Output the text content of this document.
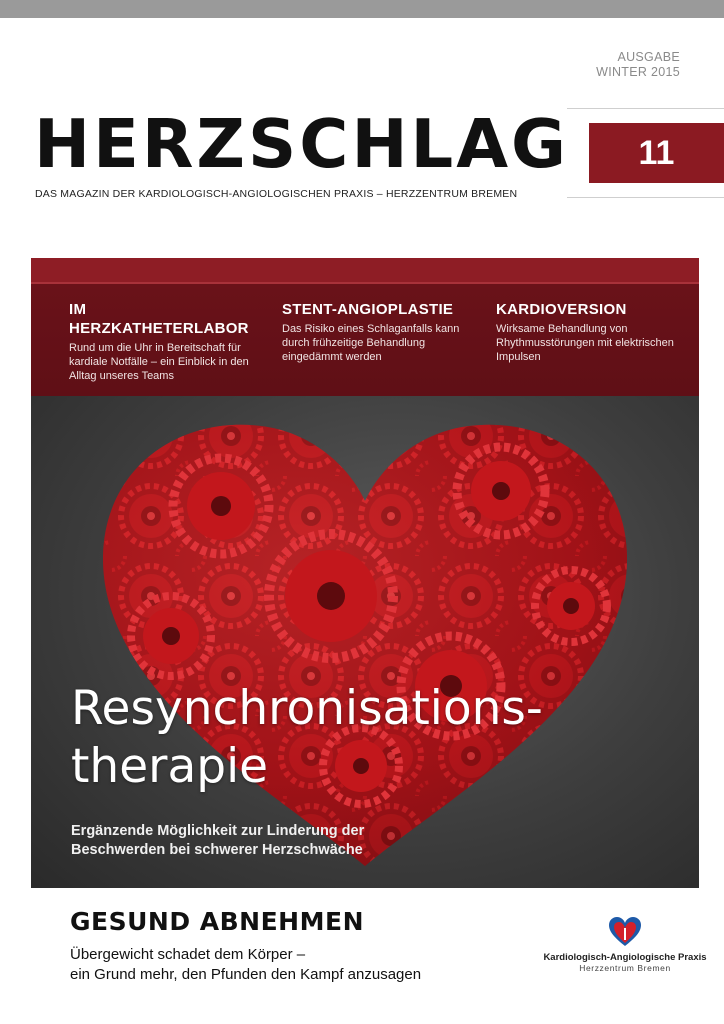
AUSGABE
WINTER 2015
11
HERZSCHLAG
DAS MAGAZIN DER KARDIOLOGISCH-ANGIOLOGISCHEN PRAXIS – HERZZENTRUM BREMEN
IM HERZKATHETERLABOR

Rund um die Uhr in Bereitschaft für kardiale Notfälle – ein Einblick in den Alltag unseres Teams

STENT-ANGIOPLASTIE

Das Risiko eines Schlaganfalls kann durch frühzeitige Behandlung eingedämmt werden

KARDIOVERSION

Wirksame Behandlung von Rhythmusstörungen mit elektrischen Impulsen

Resynchronisations-
therapie
Ergänzende Möglichkeit zur Linderung der
Beschwerden bei schwerer Herzschwäche
GESUND ABNEHMEN
Übergewicht schadet dem Körper –
ein Grund mehr, den Pfunden den Kampf anzusagen
Kardiologisch-Angiologische Praxis
Herzzentrum Bremen
